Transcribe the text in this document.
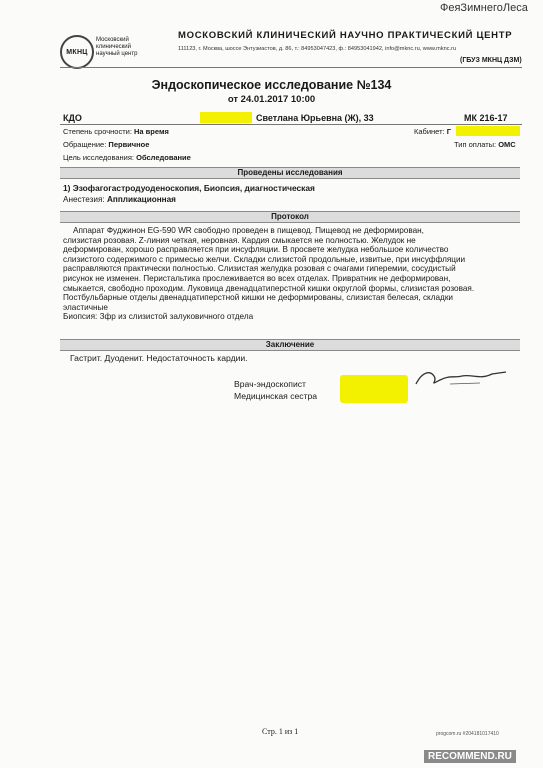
ФеяЗимнегоЛеса
МКНЦ
Московский
клинический
научный центр
МОСКОВСКИЙ КЛИНИЧЕСКИЙ НАУЧНО ПРАКТИЧЕСКИЙ ЦЕНТР
111123, г. Москва, шоссе Энтузиастов, д. 86, т.: 84953047423, ф.: 84953041942, info@mknc.ru, www.mknc.ru
(ГБУЗ МКНЦ ДЗМ)
Эндоскопическое исследование №134
от 24.01.2017 10:00
КДО	Светлана Юрьевна (Ж), 33	МК 216-17
Степень срочности: На время	Кабинет: Г
Обращение: Первичное	Тип оплаты: ОМС
Цель исследования: Обследование
Проведены исследования
1) Эзофагогастродуоденоскопия, Биопсия, диагностическая
Анестезия: Аппликационная
Протокол
Аппарат Фуджинон EG-590 WR свободно проведен в пищевод. Пищевод не деформирован,
слизистая розовая. Z-линия четкая, неровная. Кардия смыкается не полностью. Желудок не
деформирован, хорошо расправляется при инсуфляции. В просвете желудка небольшое количество
слизистого содержимого с примесью желчи. Складки слизистой продольные, извитые, при инсуффляции
расправляются практически полностью. Слизистая желудка розовая с очагами гиперемии, сосудистый
рисунок не изменен. Перистальтика прослеживается во всех отделах. Привратник не деформирован,
смыкается, свободно проходим. Луковица двенадцатиперстной кишки округлой формы, слизистая розовая.
Постбульбарные отделы двенадцатиперстной кишки не деформированы, слизистая белесая, складки
эластичные
Биопсия: Зфр из слизистой залуковичного отдела
Заключение
Гастрит. Дуоденит. Недостаточность кардии.
Врач-эндоскопист
Медицинская сестра
Стр. 1 из 1	progcom.ru #204181017410
RECOMMEND.RU
